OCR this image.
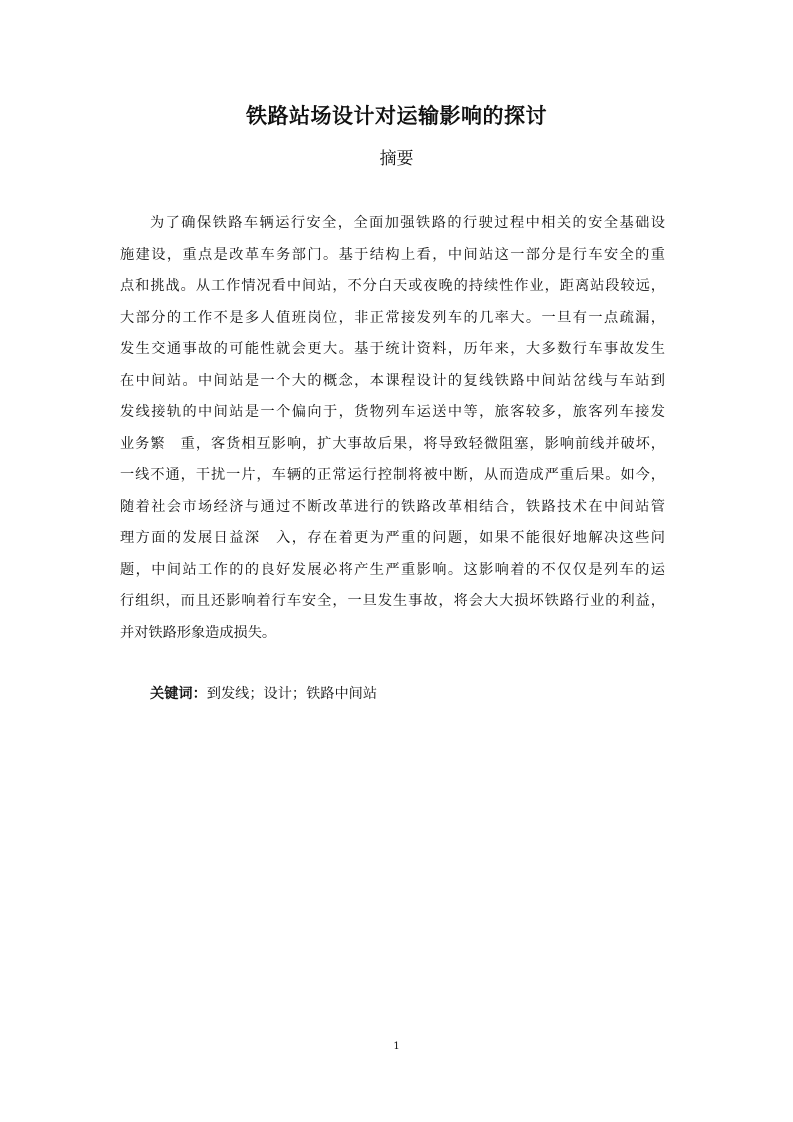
铁路站场设计对运输影响的探讨
摘要
为了确保铁路车辆运行安全，全面加强铁路的行驶过程中相关的安全基础设
施建设，重点是改革车务部门。基于结构上看，中间站这一部分是行车安全的重
点和挑战。从工作情况看中间站，不分白天或夜晚的持续性作业，距离站段较远，
大部分的工作不是多人值班岗位，非正常接发列车的几率大。一旦有一点疏漏，
发生交通事故的可能性就会更大。基于统计资料，历年来，大多数行车事故发生
在中间站。中间站是一个大的概念，本课程设计的复线铁路中间站岔线与车站到
发线接轨的中间站是一个偏向于，货物列车运送中等，旅客较多，旅客列车接发
业务繁　重，客货相互影响，扩大事故后果，将导致轻微阻塞，影响前线并破坏，
一线不通，干扰一片，车辆的正常运行控制将被中断，从而造成严重后果。如今，
随着社会市场经济与通过不断改革进行的铁路改革相结合，铁路技术在中间站管
理方面的发展日益深　入，存在着更为严重的问题，如果不能很好地解决这些问
题，中间站工作的的良好发展必将产生严重影响。这影响着的不仅仅是列车的运
行组织，而且还影响着行车安全，一旦发生事故，将会大大损坏铁路行业的利益，
并对铁路形象造成损失。
关键词：到发线；设计；铁路中间站
1
